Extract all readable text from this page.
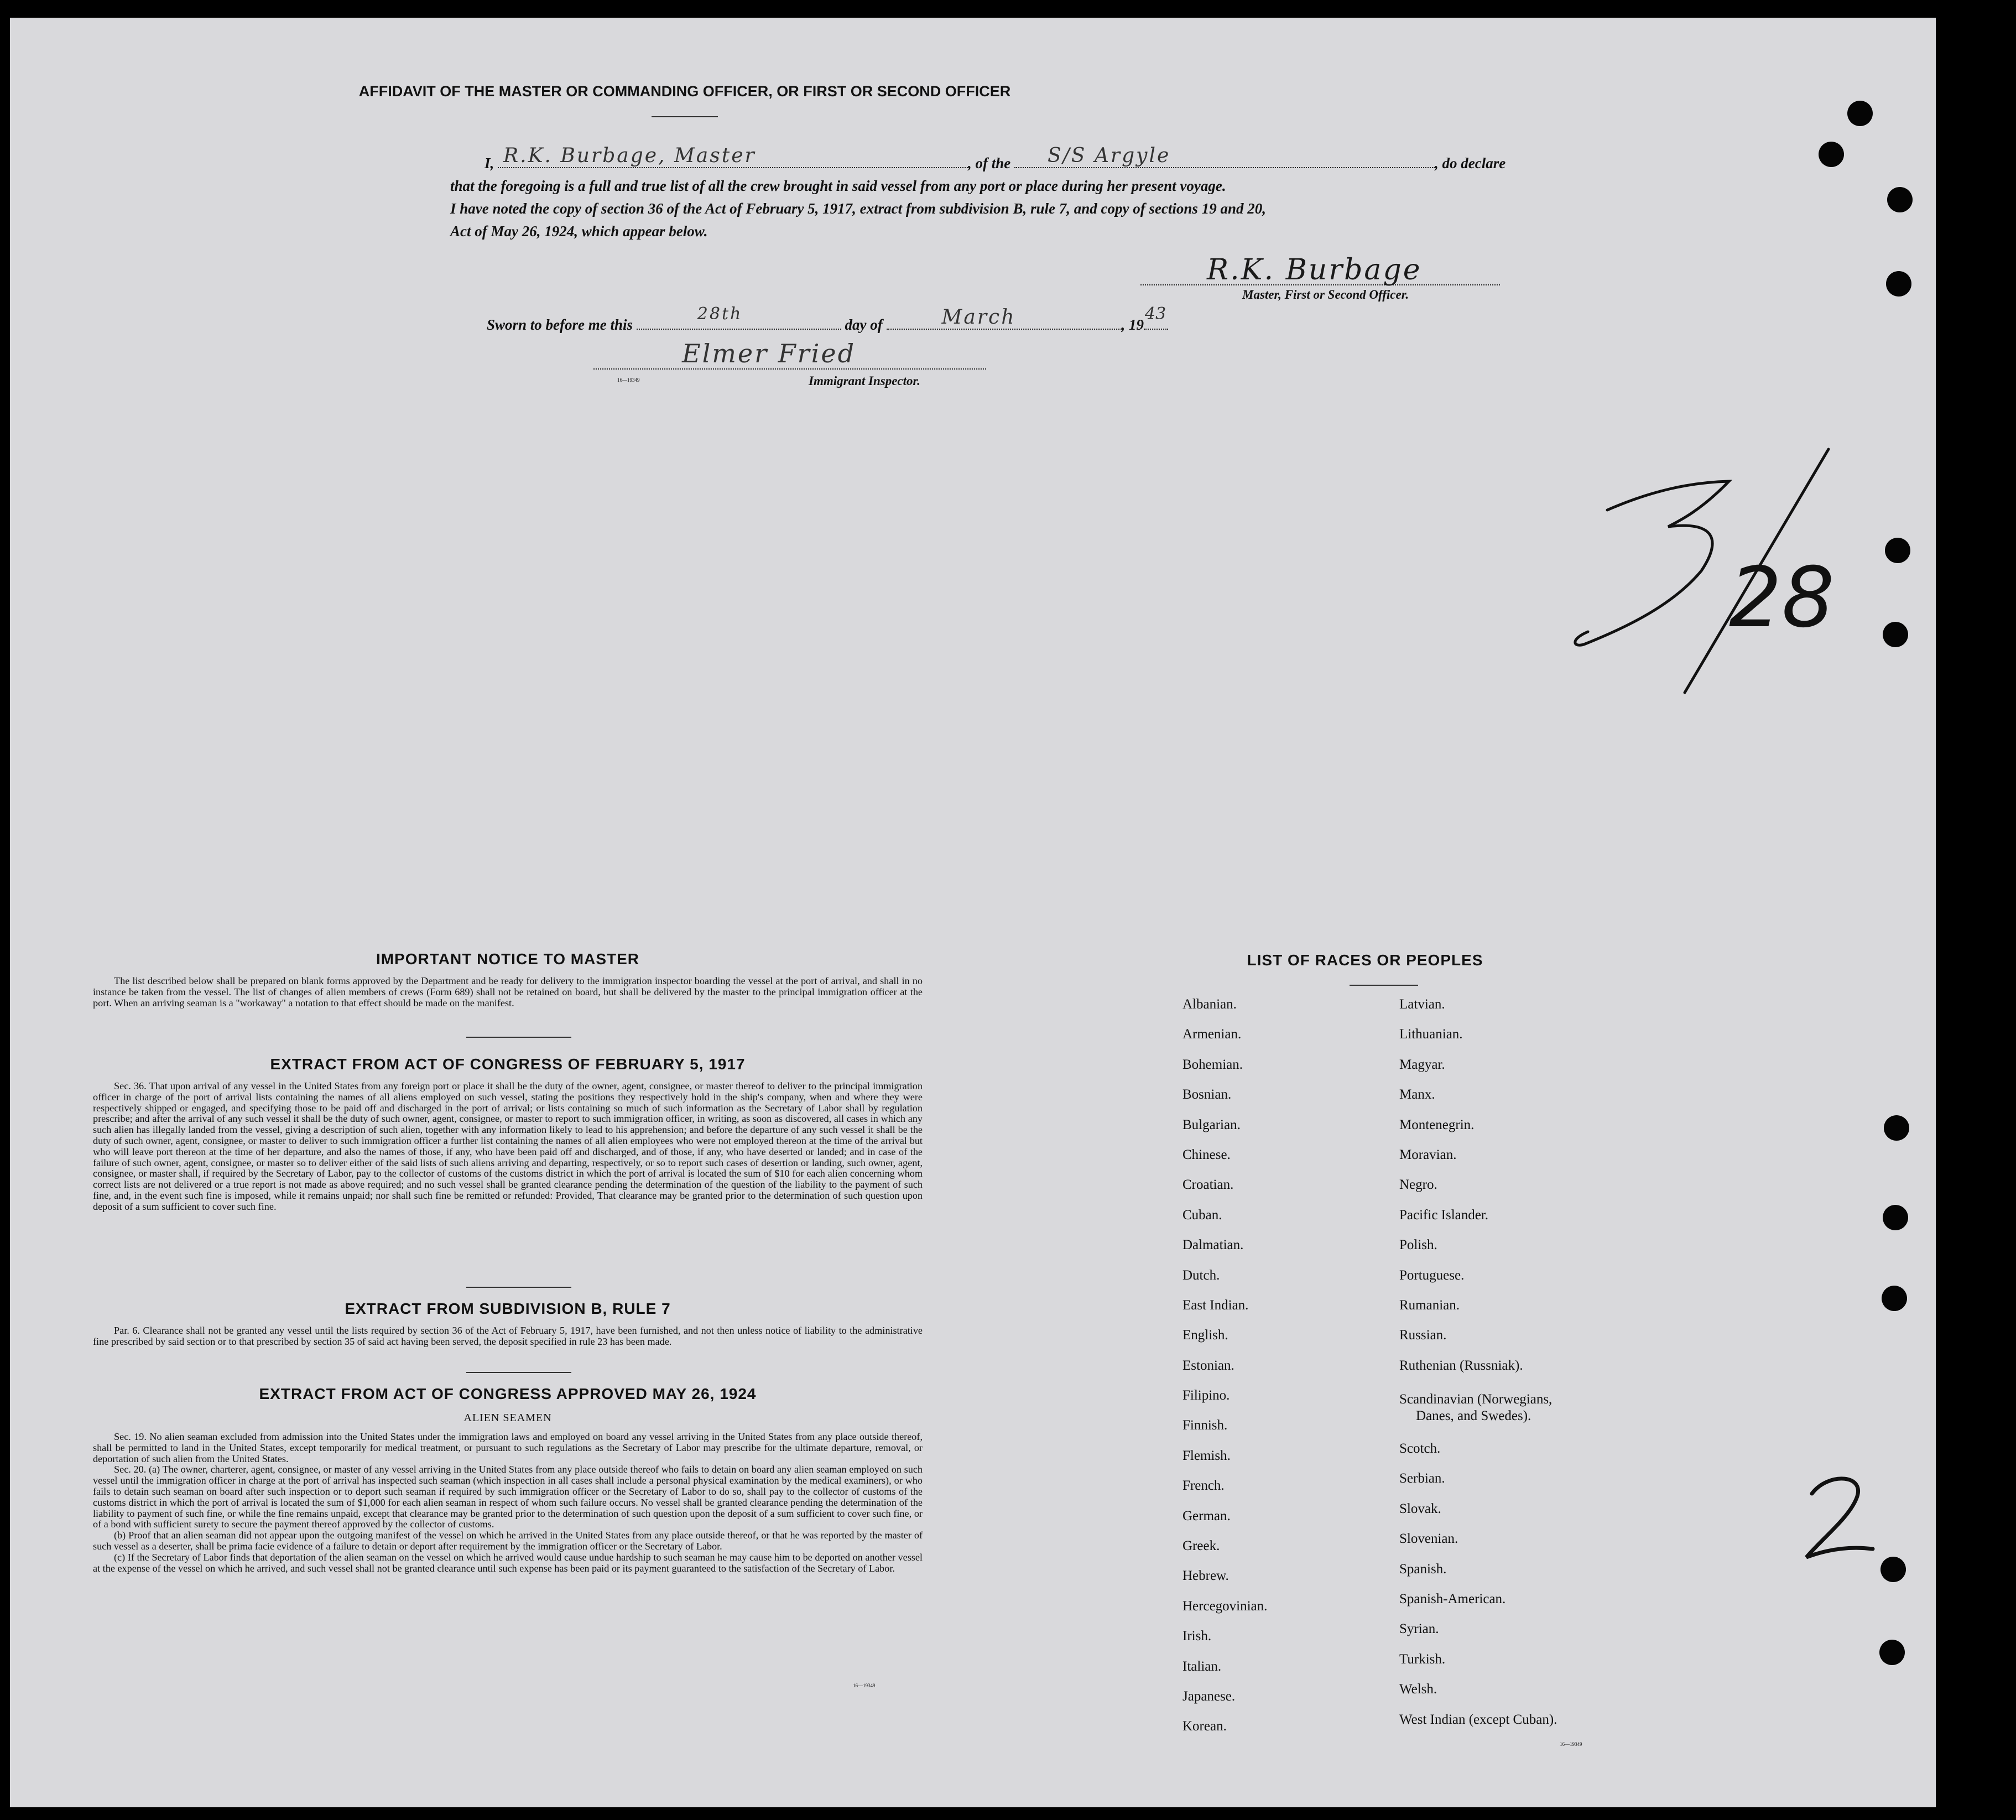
AFFIDAVIT OF THE MASTER OR COMMANDING OFFICER, OR FIRST OR SECOND OFFICER
I, R.K. Burbage, Master	, of the S/S Argyle	, do declare
that the foregoing is a full and true list of all the crew brought in said vessel from any port or place during her present voyage.
I have noted the copy of section 36 of the Act of February 5, 1917, extract from subdivision B, rule 7, and copy of sections 19 and 20,
Act of May 26, 1924, which appear below.
R.K. Burbage
Master, First or Second Officer.
Sworn to before me this
28th
day of	March	, 19
43
Elmer Fried
16—19349	Immigrant Inspector.
28
IMPORTANT NOTICE TO MASTER

The list described below shall be prepared on blank forms approved by the Department and be ready for delivery to the immigration inspector boarding the vessel at the port of arrival, and shall in no instance be taken from the vessel. The list of changes of alien members of crews (Form 689) shall not be retained on board, but shall be delivered by the master to the principal immigration officer at the port. When an arriving seaman is a "workaway" a notation to that effect should be made on the manifest.

EXTRACT FROM ACT OF CONGRESS OF FEBRUARY 5, 1917

Sec. 36. That upon arrival of any vessel in the United States from any foreign port or place it shall be the duty of the owner, agent, consignee, or master thereof to deliver to the principal immigration officer in charge of the port of arrival lists containing the names of all aliens employed on such vessel, stating the positions they respectively hold in the ship's company, when and where they were respectively shipped or engaged, and specifying those to be paid off and discharged in the port of arrival; or lists containing so much of such information as the Secretary of Labor shall by regulation prescribe; and after the arrival of any such vessel it shall be the duty of such owner, agent, consignee, or master to report to such immigration officer, in writing, as soon as discovered, all cases in which any such alien has illegally landed from the vessel, giving a description of such alien, together with any information likely to lead to his apprehension; and before the departure of any such vessel it shall be the duty of such owner, agent, consignee, or master to deliver to such immigration officer a further list containing the names of all alien employees who were not employed thereon at the time of the arrival but who will leave port thereon at the time of her departure, and also the names of those, if any, who have been paid off and discharged, and of those, if any, who have deserted or landed; and in case of the failure of such owner, agent, consignee, or master so to deliver either of the said lists of such aliens arriving and departing, respectively, or so to report such cases of desertion or landing, such owner, agent, consignee, or master shall, if required by the Secretary of Labor, pay to the collector of customs of the customs district in which the port of arrival is located the sum of $10 for each alien concerning whom correct lists are not delivered or a true report is not made as above required; and no such vessel shall be granted clearance pending the determination of the question of the liability to the payment of such fine, and, in the event such fine is imposed, while it remains unpaid; nor shall such fine be remitted or refunded: Provided, That clearance may be granted prior to the determination of such question upon deposit of a sum sufficient to cover such fine.

EXTRACT FROM SUBDIVISION B, RULE 7

Par. 6. Clearance shall not be granted any vessel until the lists required by section 36 of the Act of February 5, 1917, have been furnished, and not then unless notice of liability to the administrative fine prescribed by said section or to that prescribed by section 35 of said act having been served, the deposit specified in rule 23 has been made.

EXTRACT FROM ACT OF CONGRESS APPROVED MAY 26, 1924
ALIEN SEAMEN

Sec. 19. No alien seaman excluded from admission into the United States under the immigration laws and employed on board any vessel arriving in the United States from any place outside thereof, shall be permitted to land in the United States, except temporarily for medical treatment, or pursuant to such regulations as the Secretary of Labor may prescribe for the ultimate departure, removal, or deportation of such alien from the United States.

Sec. 20. (a) The owner, charterer, agent, consignee, or master of any vessel arriving in the United States from any place outside thereof who fails to detain on board any alien seaman employed on such vessel until the immigration officer in charge at the port of arrival has inspected such seaman (which inspection in all cases shall include a personal physical examination by the medical examiners), or who fails to detain such seaman on board after such inspection or to deport such seaman if required by such immigration officer or the Secretary of Labor to do so, shall pay to the collector of customs of the customs district in which the port of arrival is located the sum of $1,000 for each alien seaman in respect of whom such failure occurs. No vessel shall be granted clearance pending the determination of the liability to payment of such fine, or while the fine remains unpaid, except that clearance may be granted prior to the determination of such question upon the deposit of a sum sufficient to cover such fine, or of a bond with sufficient surety to secure the payment thereof approved by the collector of customs.

(b) Proof that an alien seaman did not appear upon the outgoing manifest of the vessel on which he arrived in the United States from any place outside thereof, or that he was reported by the master of such vessel as a deserter, shall be prima facie evidence of a failure to detain or deport after requirement by the immigration officer or the Secretary of Labor.

(c) If the Secretary of Labor finds that deportation of the alien seaman on the vessel on which he arrived would cause undue hardship to such seaman he may cause him to be deported on another vessel at the expense of the vessel on which he arrived, and such vessel shall not be granted clearance until such expense has been paid or its payment guaranteed to the satisfaction of the Secretary of Labor.

16—19349
LIST OF RACES OR PEOPLES
Albanian.
Armenian.
Bohemian.
Bosnian.
Bulgarian.
Chinese.
Croatian.
Cuban.
Dalmatian.
Dutch.
East Indian.
English.
Estonian.
Filipino.
Finnish.
Flemish.
French.
German.
Greek.
Hebrew.
Hercegovinian.
Irish.
Italian.
Japanese.
Korean.
Latvian.
Lithuanian.
Magyar.
Manx.
Montenegrin.
Moravian.
Negro.
Pacific Islander.
Polish.
Portuguese.
Rumanian.
Russian.
Ruthenian (Russniak).
Scandinavian (Norwegians,
Danes, and Swedes).
Scotch.
Serbian.
Slovak.
Slovenian.
Spanish.
Spanish-American.
Syrian.
Turkish.
Welsh.
West Indian (except Cuban).
16—19349
